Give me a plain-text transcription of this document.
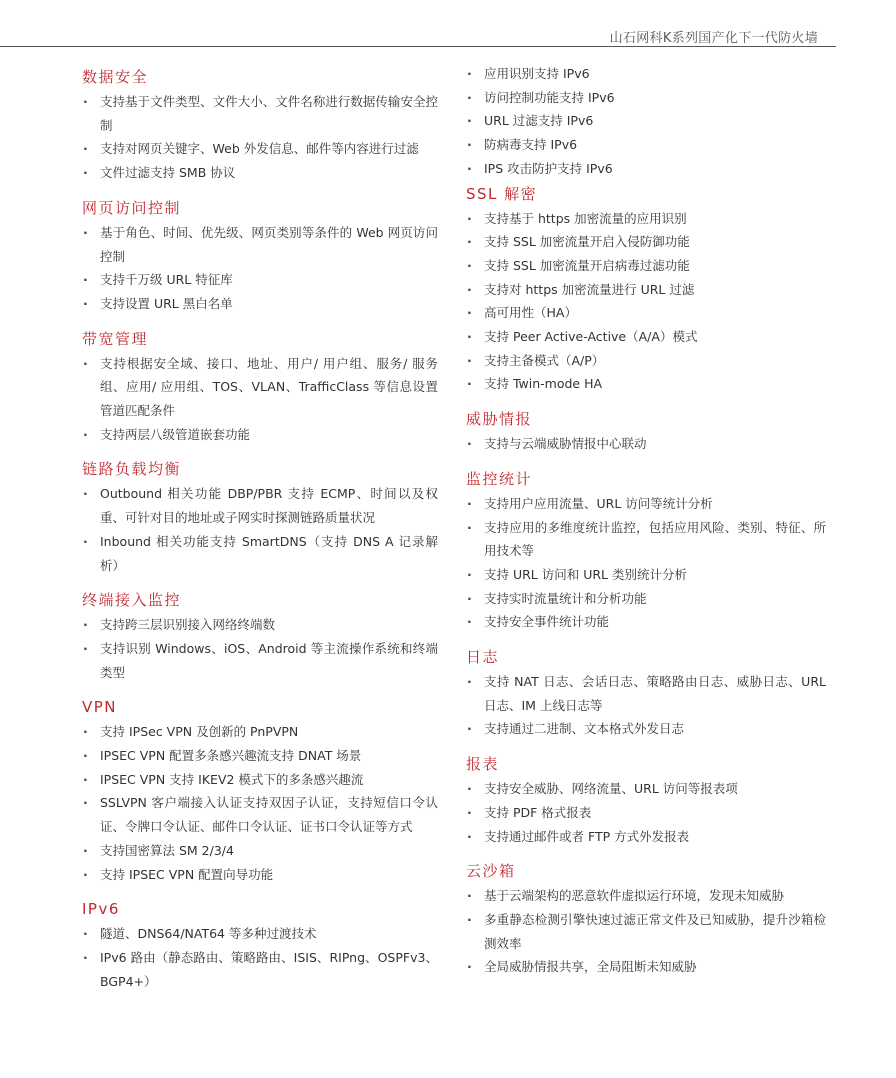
山石网科K系列国产化下一代防火墙
数据安全
· 支持基于文件类型、文件大小、文件名称进行数据传输安全控制
· 支持对网页关键字、Web 外发信息、邮件等内容进行过滤
· 文件过滤支持 SMB 协议
网页访问控制
· 基于角色、时间、优先级、网页类别等条件的 Web 网页访问控制
· 支持千万级 URL 特征库
· 支持设置 URL 黑白名单
带宽管理
· 支持根据安全域、接口、地址、用户/ 用户组、服务/ 服务组、应用/ 应用组、TOS、VLAN、TrafficClass 等信息设置管道匹配条件
· 支持两层八级管道嵌套功能
链路负载均衡
· Outbound 相关功能 DBP/PBR 支持 ECMP、时间以及权重、可针对目的地址或子网实时探测链路质量状况
· Inbound 相关功能支持 SmartDNS（支持 DNS A 记录解析）
终端接入监控
· 支持跨三层识别接入网络终端数
· 支持识别 Windows、iOS、Android 等主流操作系统和终端类型
VPN
· 支持 IPSec VPN 及创新的 PnPVPN
· IPSEC VPN 配置多条感兴趣流支持 DNAT 场景
· IPSEC VPN 支持 IKEV2 模式下的多条感兴趣流
· SSLVPN 客户端接入认证支持双因子认证，支持短信口令认证、令牌口令认证、邮件口令认证、证书口令认证等方式
· 支持国密算法 SM 2/3/4
· 支持 IPSEC VPN 配置向导功能
IPv6
· 隧道、DNS64/NAT64 等多种过渡技术
· IPv6 路由（静态路由、策略路由、ISIS、RIPng、OSPFv3、BGP4+）
· 应用识别支持 IPv6
· 访问控制功能支持 IPv6
· URL 过滤支持 IPv6
· 防病毒支持 IPv6
· IPS 攻击防护支持 IPv6
SSL 解密
· 支持基于 https 加密流量的应用识别
· 支持 SSL 加密流量开启入侵防御功能
· 支持 SSL 加密流量开启病毒过滤功能
· 支持对 https 加密流量进行 URL 过滤
· 高可用性（HA）
· 支持 Peer Active-Active（A/A）模式
· 支持主备模式（A/P）
· 支持 Twin-mode HA
威胁情报
· 支持与云端威胁情报中心联动
监控统计
· 支持用户应用流量、URL 访问等统计分析
· 支持应用的多维度统计监控，包括应用风险、类别、特征、所用技术等
· 支持 URL 访问和 URL 类别统计分析
· 支持实时流量统计和分析功能
· 支持安全事件统计功能
日志
· 支持 NAT 日志、会话日志、策略路由日志、威胁日志、URL 日志、IM 上线日志等
· 支持通过二进制、文本格式外发日志
报表
· 支持安全威胁、网络流量、URL 访问等报表项
· 支持 PDF 格式报表
· 支持通过邮件或者 FTP 方式外发报表
云沙箱
· 基于云端架构的恶意软件虚拟运行环境，发现未知威胁
· 多重静态检测引擎快速过滤正常文件及已知威胁，提升沙箱检测效率
· 全局威胁情报共享，全局阻断未知威胁
